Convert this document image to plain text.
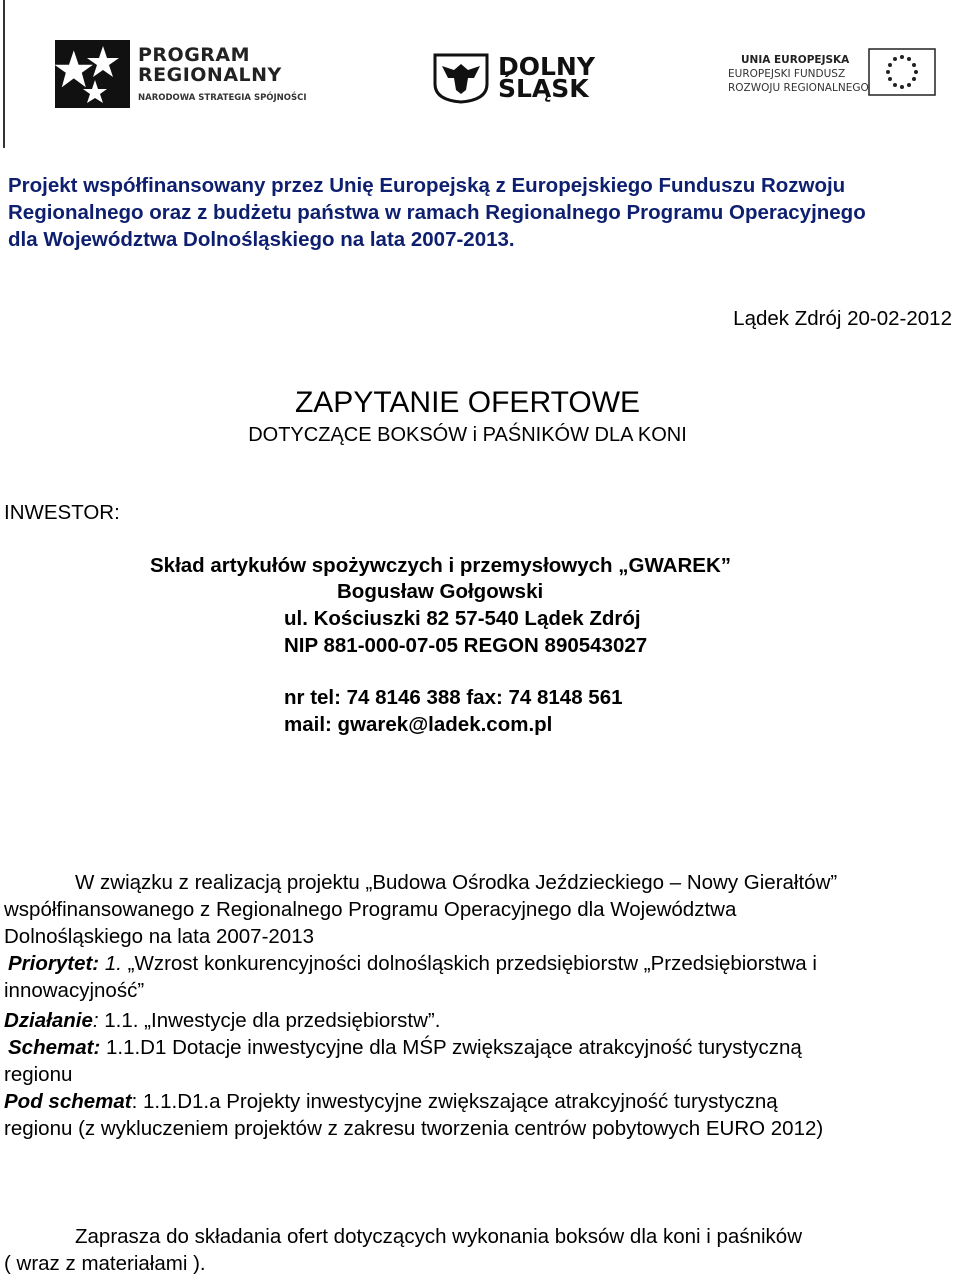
PROGRAM
REGIONALNY
NARODOWA STRATEGIA SPÓJNOŚCI
DOLNY
ŚLĄSK
UNIA EUROPEJSKA
EUROPEJSKI FUNDUSZ
ROZWOJU REGIONALNEGO
Projekt współfinansowany przez Unię Europejską z Europejskiego Funduszu Rozwoju
Regionalnego oraz z budżetu państwa w ramach Regionalnego Programu Operacyjnego
dla Województwa Dolnośląskiego na lata 2007-2013.
Lądek Zdrój 20-02-2012
ZAPYTANIE OFERTOWE
DOTYCZĄCE BOKSÓW i PAŚNIKÓW DLA KONI
INWESTOR:
Skład artykułów spożywczych i przemysłowych „GWAREK”
Bogusław Gołgowski
ul. Kościuszki 82 57-540 Lądek Zdrój
NIP 881-000-07-05 REGON 890543027
nr tel: 74 8146 388 fax: 74 8148 561
mail: gwarek@ladek.com.pl
W związku z realizacją projektu „Budowa Ośrodka Jeździeckiego – Nowy Gierałtów”
współfinansowanego z Regionalnego Programu Operacyjnego dla Województwa
Dolnośląskiego na lata 2007-2013
Priorytet: 1. „Wzrost konkurencyjności dolnośląskich przedsiębiorstw „Przedsiębiorstwa i
innowacyjność”
Działanie: 1.1. „Inwestycje dla przedsiębiorstw”.
Schemat: 1.1.D1 Dotacje inwestycyjne dla MŚP zwiększające atrakcyjność turystyczną
regionu
Pod schemat: 1.1.D1.a Projekty inwestycyjne zwiększające atrakcyjność turystyczną
regionu (z wykluczeniem projektów z zakresu tworzenia centrów pobytowych EURO 2012)
Zaprasza do składania ofert dotyczących wykonania boksów dla koni i paśników
( wraz z materiałami ).
